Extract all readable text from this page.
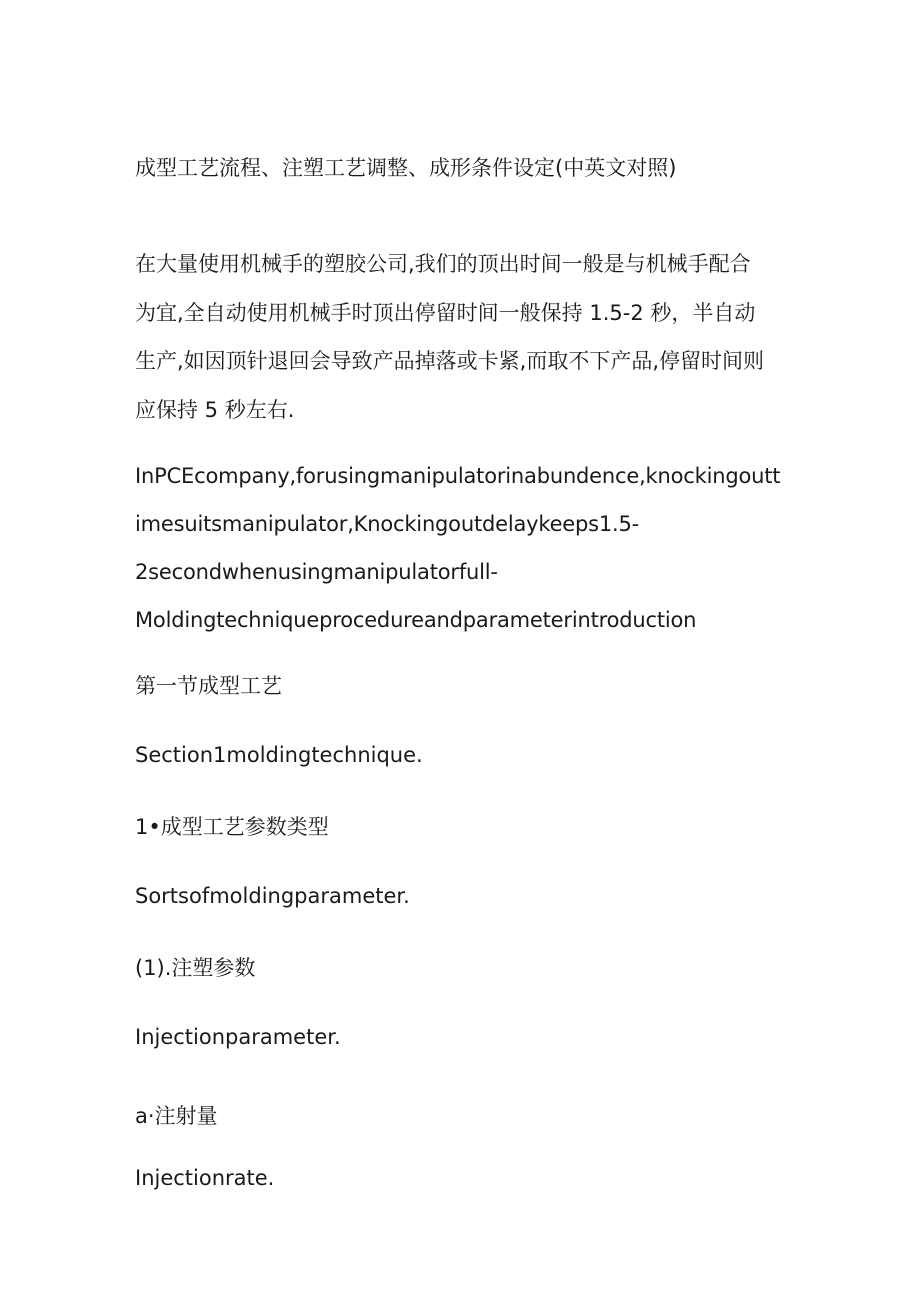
成型工艺流程、注塑工艺调整、成形条件设定(中英文对照)
在大量使用机械手的塑胶公司,我们的顶出时间一般是与机械手配合
为宜,全自动使用机械手时顶出停留时间一般保持 1.5-2 秒，半自动
生产,如因顶针退回会导致产品掉落或卡紧,而取不下产品,停留时间则
应保持 5 秒左右.
InPCEcompany,forusingmanipulatorinabundence,knockingoutt
imesuitsmanipulator,Knockingoutdelaykeeps1.5-
2secondwhenusingmanipulatorfull-
Moldingtechniqueprocedureandparameterintroduction
第一节成型工艺
Section1moldingtechnique.
1•成型工艺参数类型
Sortsofmoldingparameter.
(1).注塑参数
Injectionparameter.
a·注射量
Injectionrate.
